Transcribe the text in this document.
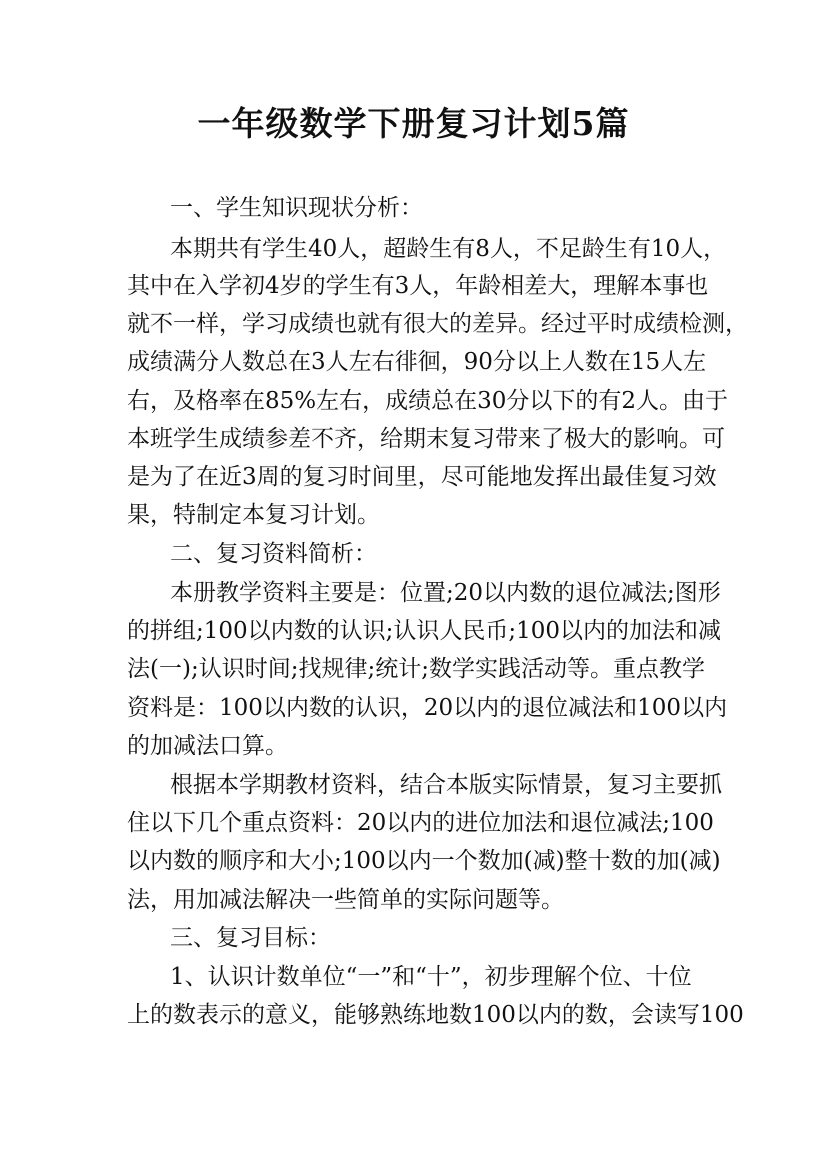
一年级数学下册复习计划5篇
一、学生知识现状分析：
本期共有学生40人，超龄生有8人，不足龄生有10人，
其中在入学初4岁的学生有3人，年龄相差大，理解本事也
就不一样，学习成绩也就有很大的差异。经过平时成绩检测，
成绩满分人数总在3人左右徘徊，90分以上人数在15人左
右，及格率在85%左右，成绩总在30分以下的有2人。由于
本班学生成绩参差不齐，给期末复习带来了极大的影响。可
是为了在近3周的复习时间里，尽可能地发挥出最佳复习效
果，特制定本复习计划。
二、复习资料简析：
本册教学资料主要是：位置;20以内数的退位减法;图形
的拼组;100以内数的认识;认识人民币;100以内的加法和减
法(一);认识时间;找规律;统计;数学实践活动等。重点教学
资料是：100以内数的认识，20以内的退位减法和100以内
的加减法口算。
根据本学期教材资料，结合本版实际情景，复习主要抓
住以下几个重点资料：20以内的进位加法和退位减法;100
以内数的顺序和大小;100以内一个数加(减)整十数的加(减)
法，用加减法解决一些简单的实际问题等。
三、复习目标：
1、认识计数单位“一”和“十”，初步理解个位、十位
上的数表示的意义，能够熟练地数100以内的数，会读写100
